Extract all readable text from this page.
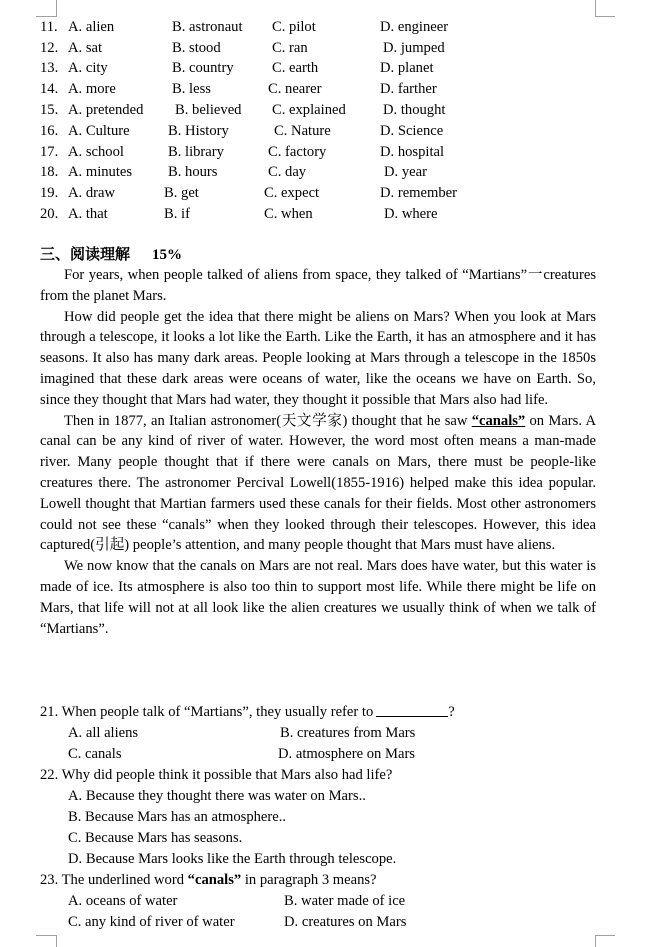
11. A. alien	B. astronaut C. pilot	D. engineer
12. A. sat	B. stood	C. ran	D. jumped
13. A. city	B. country	C. earth	D. planet
14. A. more	B. less	C. nearer	D. farther
15. A. pretended B. believed C. explained	D. thought
16. A. Culture	B. History	C. Nature	D. Science
17. A. school	B. library	C. factory	D. hospital
18. A. minutes B. hours	C. day	D. year
19. A. draw	B. get	C. expect	D. remember
20. A. that	B. if	C. when	D. where
三、阅读理解 15%

For years, when people talked of aliens from space, they talked of “Martians”一creatures from the planet Mars.

How did people get the idea that there might be aliens on Mars? When you look at Mars through a telescope, it looks a lot like the Earth. Like the Earth, it has an atmosphere and it has seasons. It also has many dark areas. People looking at Mars through a telescope in the 1850s imagined that these dark areas were oceans of water, like the oceans we have on Earth. So, since they thought that Mars had water, they thought it possible that Mars also had life.

Then in 1877, an Italian astronomer(天文学家) thought that he saw “canals” on Mars. A canal can be any kind of river of water. However, the word most often means a man-made river. Many people thought that if there were canals on Mars, there must be people-like creatures there. The astronomer Percival Lowell(1855-1916) helped make this idea popular. Lowell thought that Martian farmers used these canals for their fields. Most other astronomers could not see these “canals” when they looked through their telescopes. However, this idea captured(引起) people’s attention, and many people thought that Mars must have aliens.

We now know that the canals on Mars are not real. Mars does have water, but this water is made of ice. Its atmosphere is also too thin to support most life. While there might be life on Mars, that life will not at all look like the alien creatures we usually think of when we talk of “Martians”.

21. When people talk of “Martians”, they usually refer to	?
A. all aliens	B. creatures from Mars
C. canals	D. atmosphere on Mars
22. Why did people think it possible that Mars also had life?
A. Because they thought there was water on Mars..
B. Because Mars has an atmosphere..
C. Because Mars has seasons.
D. Because Mars looks like the Earth through telescope.
23. The underlined word “canals” in paragraph 3 means?
A. oceans of water	B. water made of ice
C. any kind of river of water	D. creatures on Mars
